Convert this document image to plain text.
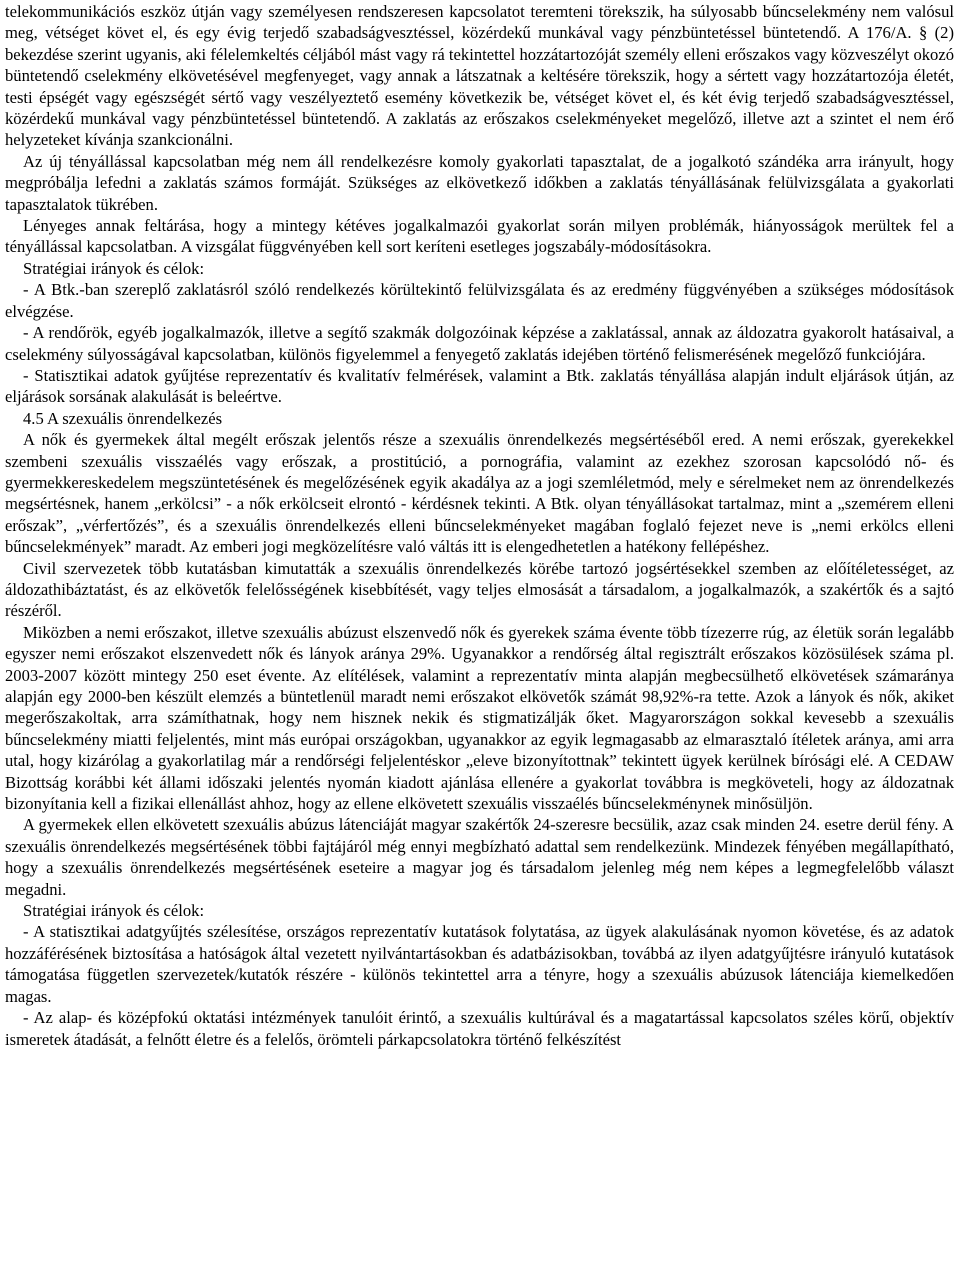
telekommunikációs eszköz útján vagy személyesen rendszeresen kapcsolatot teremteni törekszik, ha súlyosabb bűncselekmény nem valósul meg, vétséget követ el, és egy évig terjedő szabadságvesztéssel, közérdekű munkával vagy pénzbüntetéssel büntetendő. A 176/A. § (2) bekezdése szerint ugyanis, aki félelemkeltés céljából mást vagy rá tekintettel hozzátartozóját személy elleni erőszakos vagy közveszélyt okozó büntetendő cselekmény elkövetésével megfenyeget, vagy annak a látszatnak a keltésére törekszik, hogy a sértett vagy hozzátartozója életét, testi épségét vagy egészségét sértő vagy veszélyeztető esemény következik be, vétséget követ el, és két évig terjedő szabadságvesztéssel, közérdekű munkával vagy pénzbüntetéssel büntetendő. A zaklatás az erőszakos cselekményeket megelőző, illetve azt a szintet el nem érő helyzeteket kívánja szankcionálni.

Az új tényállással kapcsolatban még nem áll rendelkezésre komoly gyakorlati tapasztalat, de a jogalkotó szándéka arra irányult, hogy megpróbálja lefedni a zaklatás számos formáját. Szükséges az elkövetkező időkben a zaklatás tényállásának felülvizsgálata a gyakorlati tapasztalatok tükrében.

Lényeges annak feltárása, hogy a mintegy kétéves jogalkalmazói gyakorlat során milyen problémák, hiányosságok merültek fel a tényállással kapcsolatban. A vizsgálat függvényében kell sort keríteni esetleges jogszabály-módosításokra.

Stratégiai irányok és célok:

- A Btk.-ban szereplő zaklatásról szóló rendelkezés körültekintő felülvizsgálata és az eredmény függvényében a szükséges módosítások elvégzése.

- A rendőrök, egyéb jogalkalmazók, illetve a segítő szakmák dolgozóinak képzése a zaklatással, annak az áldozatra gyakorolt hatásaival, a cselekmény súlyosságával kapcsolatban, különös figyelemmel a fenyegető zaklatás idejében történő felismerésének megelőző funkciójára.

- Statisztikai adatok gyűjtése reprezentatív és kvalitatív felmérések, valamint a Btk. zaklatás tényállása alapján indult eljárások útján, az eljárások sorsának alakulását is beleértve.

4.5 A szexuális önrendelkezés

A nők és gyermekek által megélt erőszak jelentős része a szexuális önrendelkezés megsértéséből ered. A nemi erőszak, gyerekekkel szembeni szexuális visszaélés vagy erőszak, a prostitúció, a pornográfia, valamint az ezekhez szorosan kapcsolódó nő- és gyermekkereskedelem megszüntetésének és megelőzésének egyik akadálya az a jogi szemléletmód, mely e sérelmeket nem az önrendelkezés megsértésnek, hanem „erkölcsi” - a nők erkölcseit elrontó - kérdésnek tekinti. A Btk. olyan tényállásokat tartalmaz, mint a „szemérem elleni erőszak”, „vérfertőzés”, és a szexuális önrendelkezés elleni bűncselekményeket magában foglaló fejezet neve is „nemi erkölcs elleni bűncselekmények” maradt. Az emberi jogi megközelítésre való váltás itt is elengedhetetlen a hatékony fellépéshez.

Civil szervezetek több kutatásban kimutatták a szexuális önrendelkezés körébe tartozó jogsértésekkel szemben az előítéletességet, az áldozathibáztatást, és az elkövetők felelősségének kisebbítését, vagy teljes elmosását a társadalom, a jogalkalmazók, a szakértők és a sajtó részéről.

Miközben a nemi erőszakot, illetve szexuális abúzust elszenvedő nők és gyerekek száma évente több tízezerre rúg, az életük során legalább egyszer nemi erőszakot elszenvedett nők és lányok aránya 29%. Ugyanakkor a rendőrség által regisztrált erőszakos közösülések száma pl. 2003-2007 között mintegy 250 eset évente. Az elítélések, valamint a reprezentatív minta alapján megbecsülhető elkövetések számaránya alapján egy 2000-ben készült elemzés a büntetlenül maradt nemi erőszakot elkövetők számát 98,92%-ra tette. Azok a lányok és nők, akiket megerőszakoltak, arra számíthatnak, hogy nem hisznek nekik és stigmatizálják őket. Magyarországon sokkal kevesebb a szexuális bűncselekmény miatti feljelentés, mint más európai országokban, ugyanakkor az egyik legmagasabb az elmarasztaló ítéletek aránya, ami arra utal, hogy kizárólag a gyakorlatilag már a rendőrségi feljelentéskor „eleve bizonyítottnak” tekintett ügyek kerülnek bírósági elé. A CEDAW Bizottság korábbi két állami időszaki jelentés nyomán kiadott ajánlása ellenére a gyakorlat továbbra is megköveteli, hogy az áldozatnak bizonyítania kell a fizikai ellenállást ahhoz, hogy az ellene elkövetett szexuális visszaélés bűncselekménynek minősüljön.

A gyermekek ellen elkövetett szexuális abúzus látenciáját magyar szakértők 24-szeresre becsülik, azaz csak minden 24. esetre derül fény. A szexuális önrendelkezés megsértésének többi fajtájáról még ennyi megbízható adattal sem rendelkezünk. Mindezek fényében megállapítható, hogy a szexuális önrendelkezés megsértésének eseteire a magyar jog és társadalom jelenleg még nem képes a legmegfelelőbb választ megadni.

Stratégiai irányok és célok:

- A statisztikai adatgyűjtés szélesítése, országos reprezentatív kutatások folytatása, az ügyek alakulásának nyomon követése, és az adatok hozzáférésének biztosítása a hatóságok által vezetett nyilvántartásokban és adatbázisokban, továbbá az ilyen adatgyűjtésre irányuló kutatások támogatása független szervezetek/kutatók részére - különös tekintettel arra a tényre, hogy a szexuális abúzusok látenciája kiemelkedően magas.

- Az alap- és középfokú oktatási intézmények tanulóit érintő, a szexuális kultúrával és a magatartással kapcsolatos széles körű, objektív ismeretek átadását, a felnőtt életre és a felelős, örömteli párkapcsolatokra történő felkészítést
